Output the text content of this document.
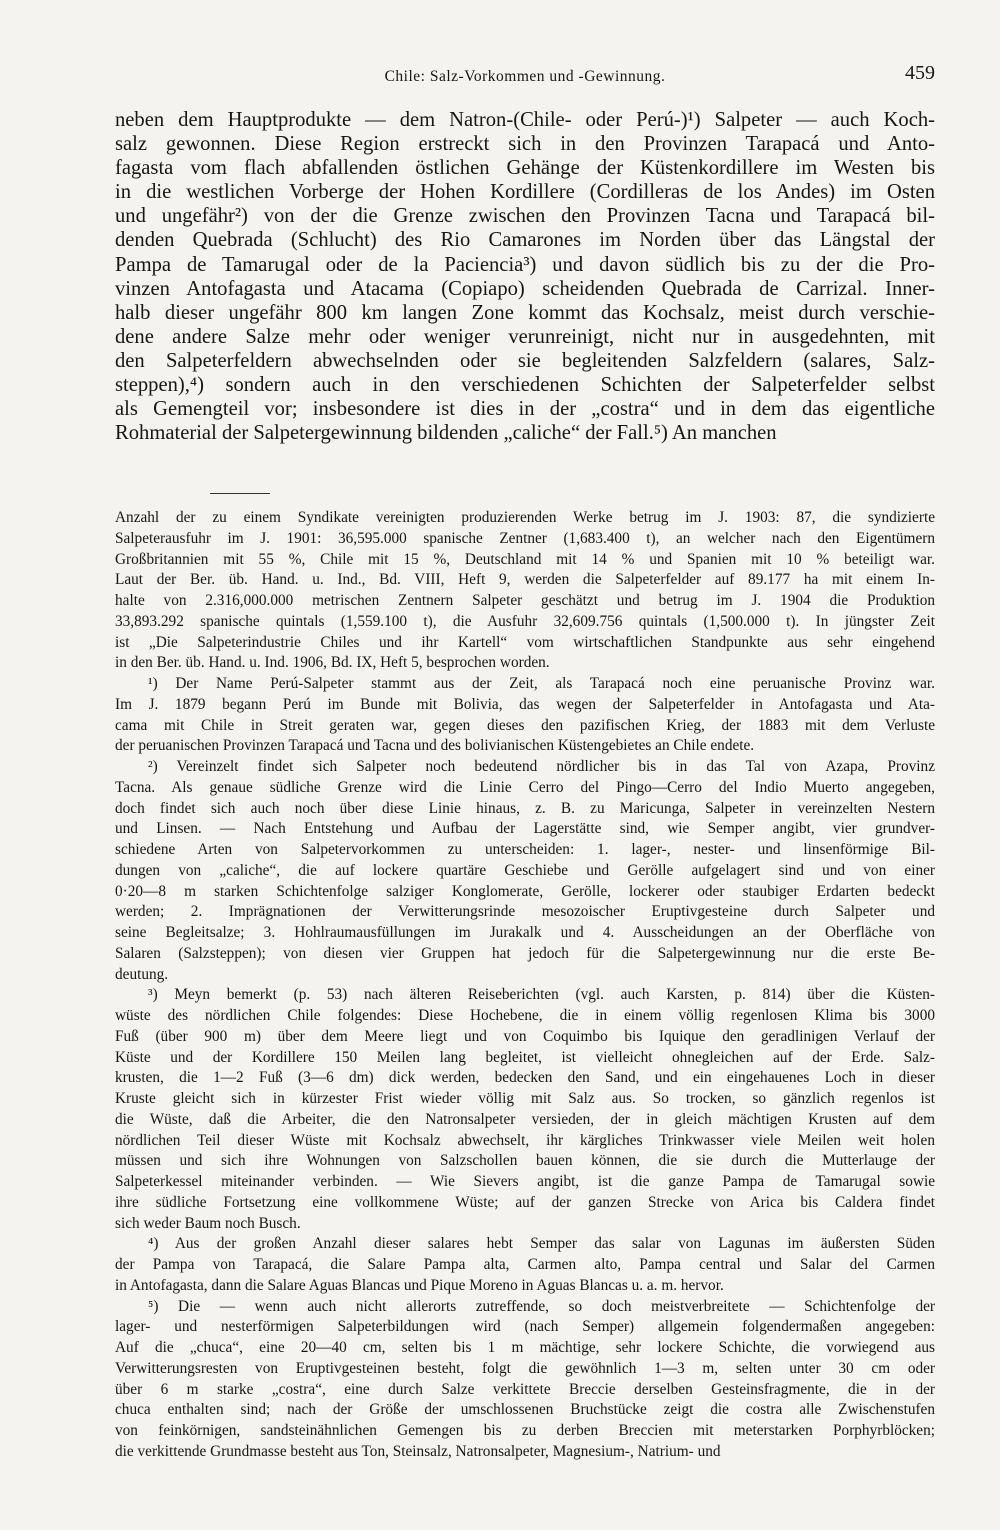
Chile: Salz-Vorkommen und -Gewinnung.	459
neben dem Hauptprodukte — dem Natron-(Chile- oder Perú-)¹) Salpeter — auch Koch-
salz gewonnen. Diese Region erstreckt sich in den Provinzen Tarapacá und Anto-
fagasta vom flach abfallenden östlichen Gehänge der Küstenkordillere im Westen bis
in die westlichen Vorberge der Hohen Kordillere (Cordilleras de los Andes) im Osten
und ungefähr²) von der die Grenze zwischen den Provinzen Tacna und Tarapacá bil-
denden Quebrada (Schlucht) des Rio Camarones im Norden über das Längstal der
Pampa de Tamarugal oder de la Paciencia³) und davon südlich bis zu der die Pro-
vinzen Antofagasta und Atacama (Copiapo) scheidenden Quebrada de Carrizal. Inner-
halb dieser ungefähr 800 km langen Zone kommt das Kochsalz, meist durch verschie-
dene andere Salze mehr oder weniger verunreinigt, nicht nur in ausgedehnten, mit
den Salpeterfeldern abwechselnden oder sie begleitenden Salzfeldern (salares, Salz-
steppen),⁴) sondern auch in den verschiedenen Schichten der Salpeterfelder selbst
als Gemengteil vor; insbesondere ist dies in der „costra“ und in dem das eigentliche
Rohmaterial der Salpetergewinnung bildenden „caliche“ der Fall.⁵) An manchen
Anzahl der zu einem Syndikate vereinigten produzierenden Werke betrug im J. 1903: 87, die syndizierte
Salpeterausfuhr im J. 1901: 36,595.000 spanische Zentner (1,683.400 t), an welcher nach den Eigentümern
Großbritannien mit 55 %, Chile mit 15 %, Deutschland mit 14 % und Spanien mit 10 % beteiligt war.
Laut der Ber. üb. Hand. u. Ind., Bd. VIII, Heft 9, werden die Salpeterfelder auf 89.177 ha mit einem In-
halte von 2.316,000.000 metrischen Zentnern Salpeter geschätzt und betrug im J. 1904 die Produktion
33,893.292 spanische quintals (1,559.100 t), die Ausfuhr 32,609.756 quintals (1,500.000 t). In jüngster Zeit
ist „Die Salpeterindustrie Chiles und ihr Kartell“ vom wirtschaftlichen Standpunkte aus sehr eingehend
in den Ber. üb. Hand. u. Ind. 1906, Bd. IX, Heft 5, besprochen worden.
¹) Der Name Perú-Salpeter stammt aus der Zeit, als Tarapacá noch eine peruanische Provinz war.
Im J. 1879 begann Perú im Bunde mit Bolivia, das wegen der Salpeterfelder in Antofagasta und Ata-
cama mit Chile in Streit geraten war, gegen dieses den pazifischen Krieg, der 1883 mit dem Verluste
der peruanischen Provinzen Tarapacá und Tacna und des bolivianischen Küstengebietes an Chile endete.
²) Vereinzelt findet sich Salpeter noch bedeutend nördlicher bis in das Tal von Azapa, Provinz
Tacna. Als genaue südliche Grenze wird die Linie Cerro del Pingo—Cerro del Indio Muerto angegeben,
doch findet sich auch noch über diese Linie hinaus, z. B. zu Maricunga, Salpeter in vereinzelten Nestern
und Linsen. — Nach Entstehung und Aufbau der Lagerstätte sind, wie Semper angibt, vier grundver-
schiedene Arten von Salpetervorkommen zu unterscheiden: 1. lager-, nester- und linsenförmige Bil-
dungen von „caliche“, die auf lockere quartäre Geschiebe und Gerölle aufgelagert sind und von einer
0·20—8 m starken Schichtenfolge salziger Konglomerate, Gerölle, lockerer oder staubiger Erdarten bedeckt
werden; 2. Imprägnationen der Verwitterungsrinde mesozoischer Eruptivgesteine durch Salpeter und
seine Begleitsalze; 3. Hohlraumausfüllungen im Jurakalk und 4. Ausscheidungen an der Oberfläche von
Salaren (Salzsteppen); von diesen vier Gruppen hat jedoch für die Salpetergewinnung nur die erste Be-
deutung.
³) Meyn bemerkt (p. 53) nach älteren Reiseberichten (vgl. auch Karsten, p. 814) über die Küsten-
wüste des nördlichen Chile folgendes: Diese Hochebene, die in einem völlig regenlosen Klima bis 3000
Fuß (über 900 m) über dem Meere liegt und von Coquimbo bis Iquique den geradlinigen Verlauf der
Küste und der Kordillere 150 Meilen lang begleitet, ist vielleicht ohnegleichen auf der Erde. Salz-
krusten, die 1—2 Fuß (3—6 dm) dick werden, bedecken den Sand, und ein eingehauenes Loch in dieser
Kruste gleicht sich in kürzester Frist wieder völlig mit Salz aus. So trocken, so gänzlich regenlos ist
die Wüste, daß die Arbeiter, die den Natronsalpeter versieden, der in gleich mächtigen Krusten auf dem
nördlichen Teil dieser Wüste mit Kochsalz abwechselt, ihr kärgliches Trinkwasser viele Meilen weit holen
müssen und sich ihre Wohnungen von Salzschollen bauen können, die sie durch die Mutterlauge der
Salpeterkessel miteinander verbinden. — Wie Sievers angibt, ist die ganze Pampa de Tamarugal sowie
ihre südliche Fortsetzung eine vollkommene Wüste; auf der ganzen Strecke von Arica bis Caldera findet
sich weder Baum noch Busch.
⁴) Aus der großen Anzahl dieser salares hebt Semper das salar von Lagunas im äußersten Süden
der Pampa von Tarapacá, die Salare Pampa alta, Carmen alto, Pampa central und Salar del Carmen
in Antofagasta, dann die Salare Aguas Blancas und Pique Moreno in Aguas Blancas u. a. m. hervor.
⁵) Die — wenn auch nicht allerorts zutreffende, so doch meistverbreitete — Schichtenfolge der
lager- und nesterförmigen Salpeterbildungen wird (nach Semper) allgemein folgendermaßen angegeben:
Auf die „chuca“, eine 20—40 cm, selten bis 1 m mächtige, sehr lockere Schichte, die vorwiegend aus
Verwitterungsresten von Eruptivgesteinen besteht, folgt die gewöhnlich 1—3 m, selten unter 30 cm oder
über 6 m starke „costra“, eine durch Salze verkittete Breccie derselben Gesteinsfragmente, die in der
chuca enthalten sind; nach der Größe der umschlossenen Bruchstücke zeigt die costra alle Zwischenstufen
von feinkörnigen, sandsteinähnlichen Gemengen bis zu derben Breccien mit meterstarken Porphyrblöcken;
die verkittende Grundmasse besteht aus Ton, Steinsalz, Natronsalpeter, Magnesium-, Natrium- und
